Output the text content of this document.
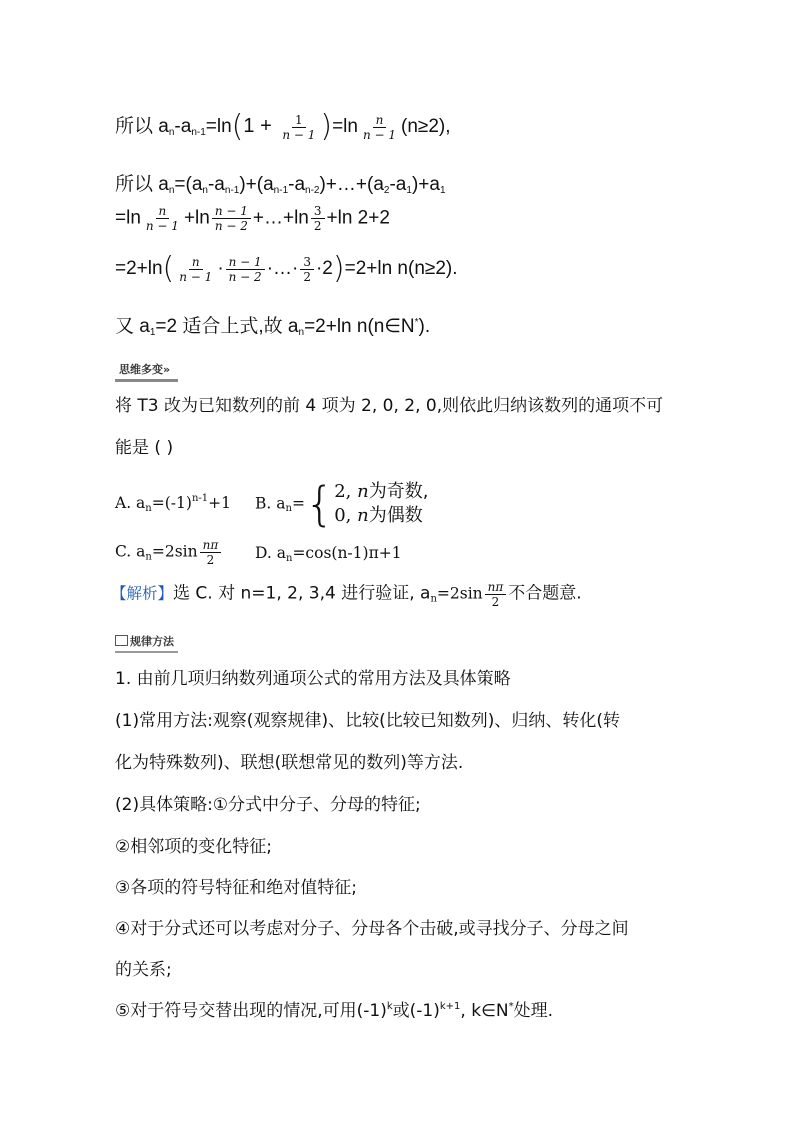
所以 $a_n-a_{n-1}=\ln(1 + \frac{1}{n - 1} )=\ln \frac{n}{n - 1} (n\ge 2)$,
所以 $a_n=(a_n-a_{n-1})+(a_{n-1}-a_{n-2})+\dots+(a_2-a_1)+a_1$
$=\ln \frac{n}{n - 1} +\ln \frac{n - 1}{n - 2}$ +…+ln $\frac{3}{2} +\ln$ 2+2
$=2+\ln( \frac{n}{n - 1} \cdot \frac{n - 1}{n - 2}$ ·…· $\frac{3}{2} \cdot 2)=2+\ln$ n(n≥2).
又 $a_1=2$ 适合上式,故 $a_n=2+\ln$ n(n∈N*).
思维多变»
将 T3 改为已知数列的前 4 项为 2, 0, 2, 0,则依此归纳该数列的通项不可
能是 ( )
A. $a_n=(-1)^{n-1}+1$ B. $a_n=${ 2, n为奇数,
0, n为偶数
C. $a_n=2\sin \frac{n\pi}{2} D$. $a_n=\cos(n-1)\pi+1$
【解析】选 C. 对 n=1, 2, 3,4 进行验证, $a_n=2\sin \frac{n\pi}{2}$ 不合题意.
规律方法
1. 由前几项归纳数列通项公式的常用方法及具体策略
(1)常用方法:观察(观察规律)、比较(比较已知数列)、归纳、转化(转
化为特殊数列)、联想(联想常见的数列)等方法.
(2)具体策略:①分式中分子、分母的特征;
②相邻项的变化特征;
③各项的符号特征和绝对值特征;
④对于分式还可以考虑对分子、分母各个击破,或寻找分子、分母之间
的关系;
⑤对于符号交替出现的情况,可用$(-1)^k$或$(-1)^{k+1}$, k∈N*处理.
